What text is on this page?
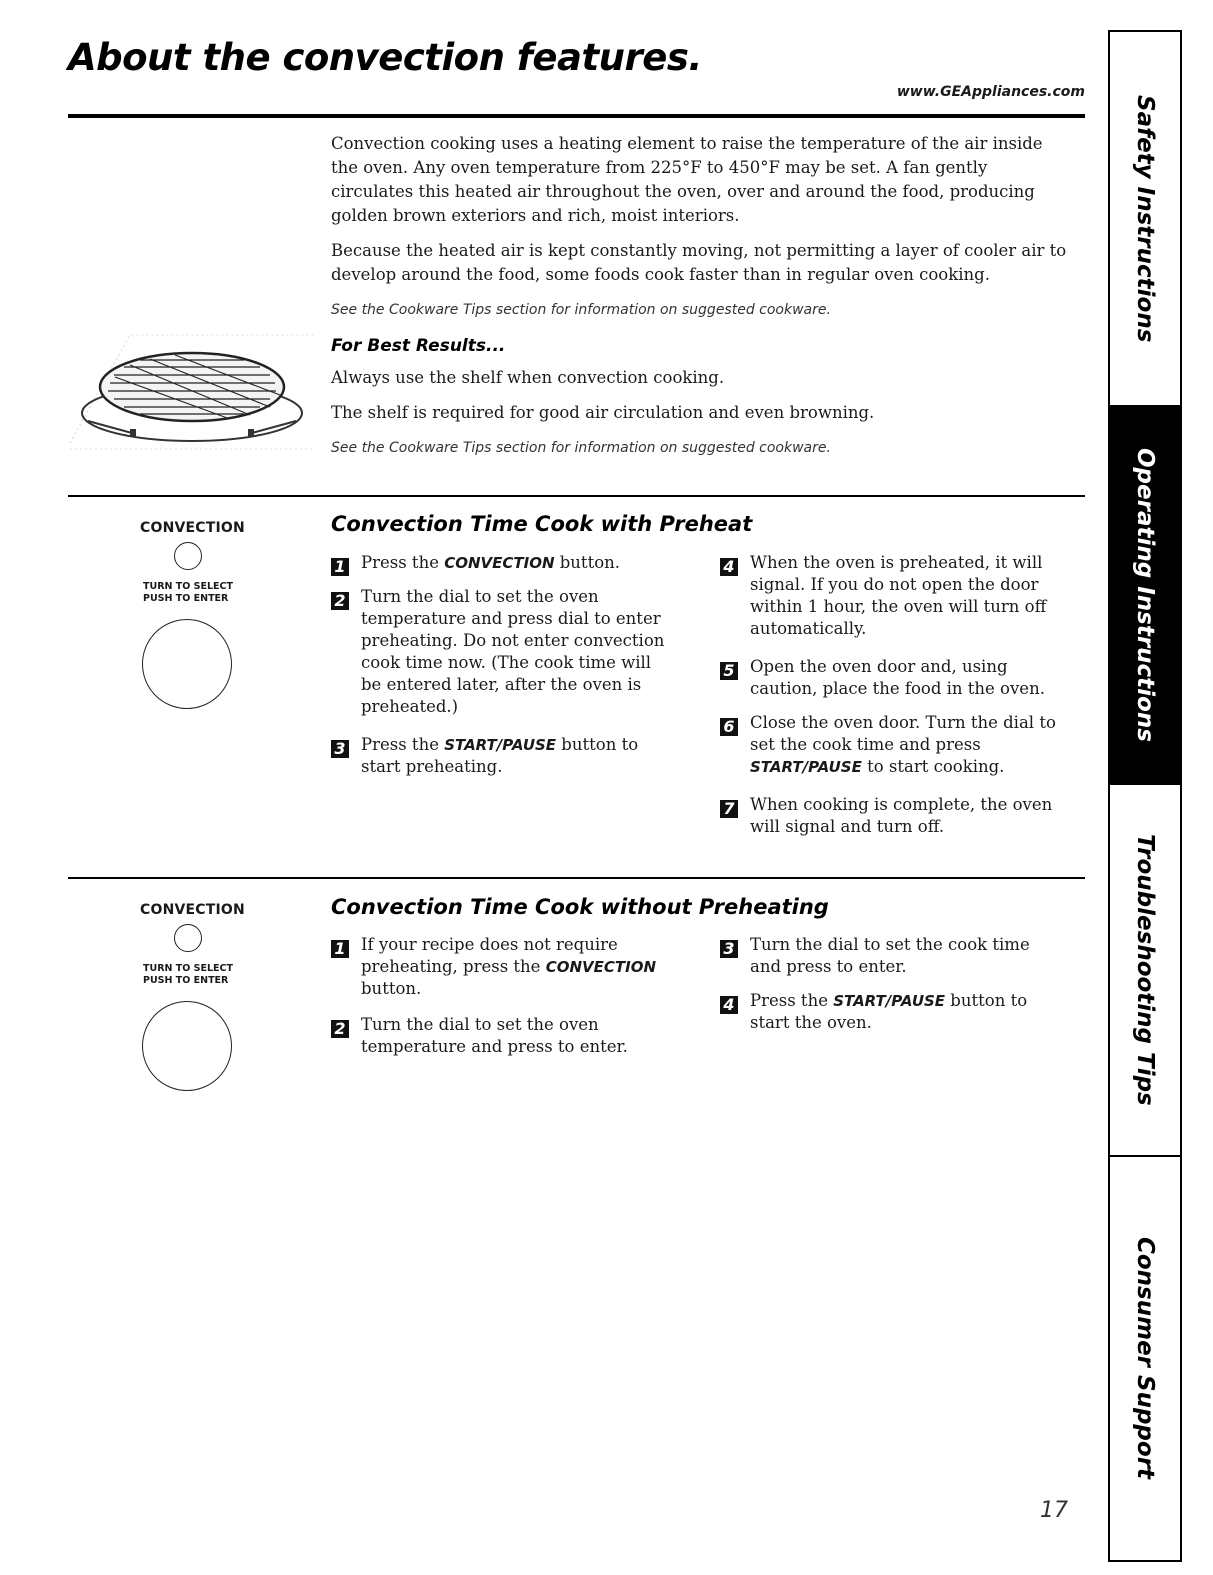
About the convection features.
www.GEAppliances.com

Convection cooking uses a heating element to raise the temperature of the air inside the oven. Any oven temperature from 225°F to 450°F may be set. A fan gently circulates this heated air throughout the oven, over and around the food, producing golden brown exteriors and rich, moist interiors.

Because the heated air is kept constantly moving, not permitting a layer of cooler air to develop around the food, some foods cook faster than in regular oven cooking.

See the Cookware Tips section for information on suggested cookware.

For Best Results...

Always use the shelf when convection cooking.

The shelf is required for good air circulation and even browning.

See the Cookware Tips section for information on suggested cookware.

CONVECTION
TURN TO SELECT
PUSH TO ENTER
Convection Time Cook with Preheat
1 Press the CONVECTION button.
2 Turn the dial to set the oven temperature and press dial to enter preheating. Do not enter convection cook time now. (The cook time will be entered later, after the oven is preheated.)
3 Press the START/PAUSE button to start preheating.
4 When the oven is preheated, it will signal. If you do not open the door within 1 hour, the oven will turn off automatically.
5 Open the oven door and, using caution, place the food in the oven.
6 Close the oven door. Turn the dial to set the cook time and press START/PAUSE to start cooking.
7 When cooking is complete, the oven will signal and turn off.
CONVECTION
TURN TO SELECT
PUSH TO ENTER
Convection Time Cook without Preheating
1 If your recipe does not require preheating, press the CONVECTION button.
2 Turn the dial to set the oven temperature and press to enter.
3 Turn the dial to set the cook time and press to enter.
4 Press the START/PAUSE button to start the oven.
17
Safety Instructions
Operating Instructions
Troubleshooting Tips
Consumer Support
